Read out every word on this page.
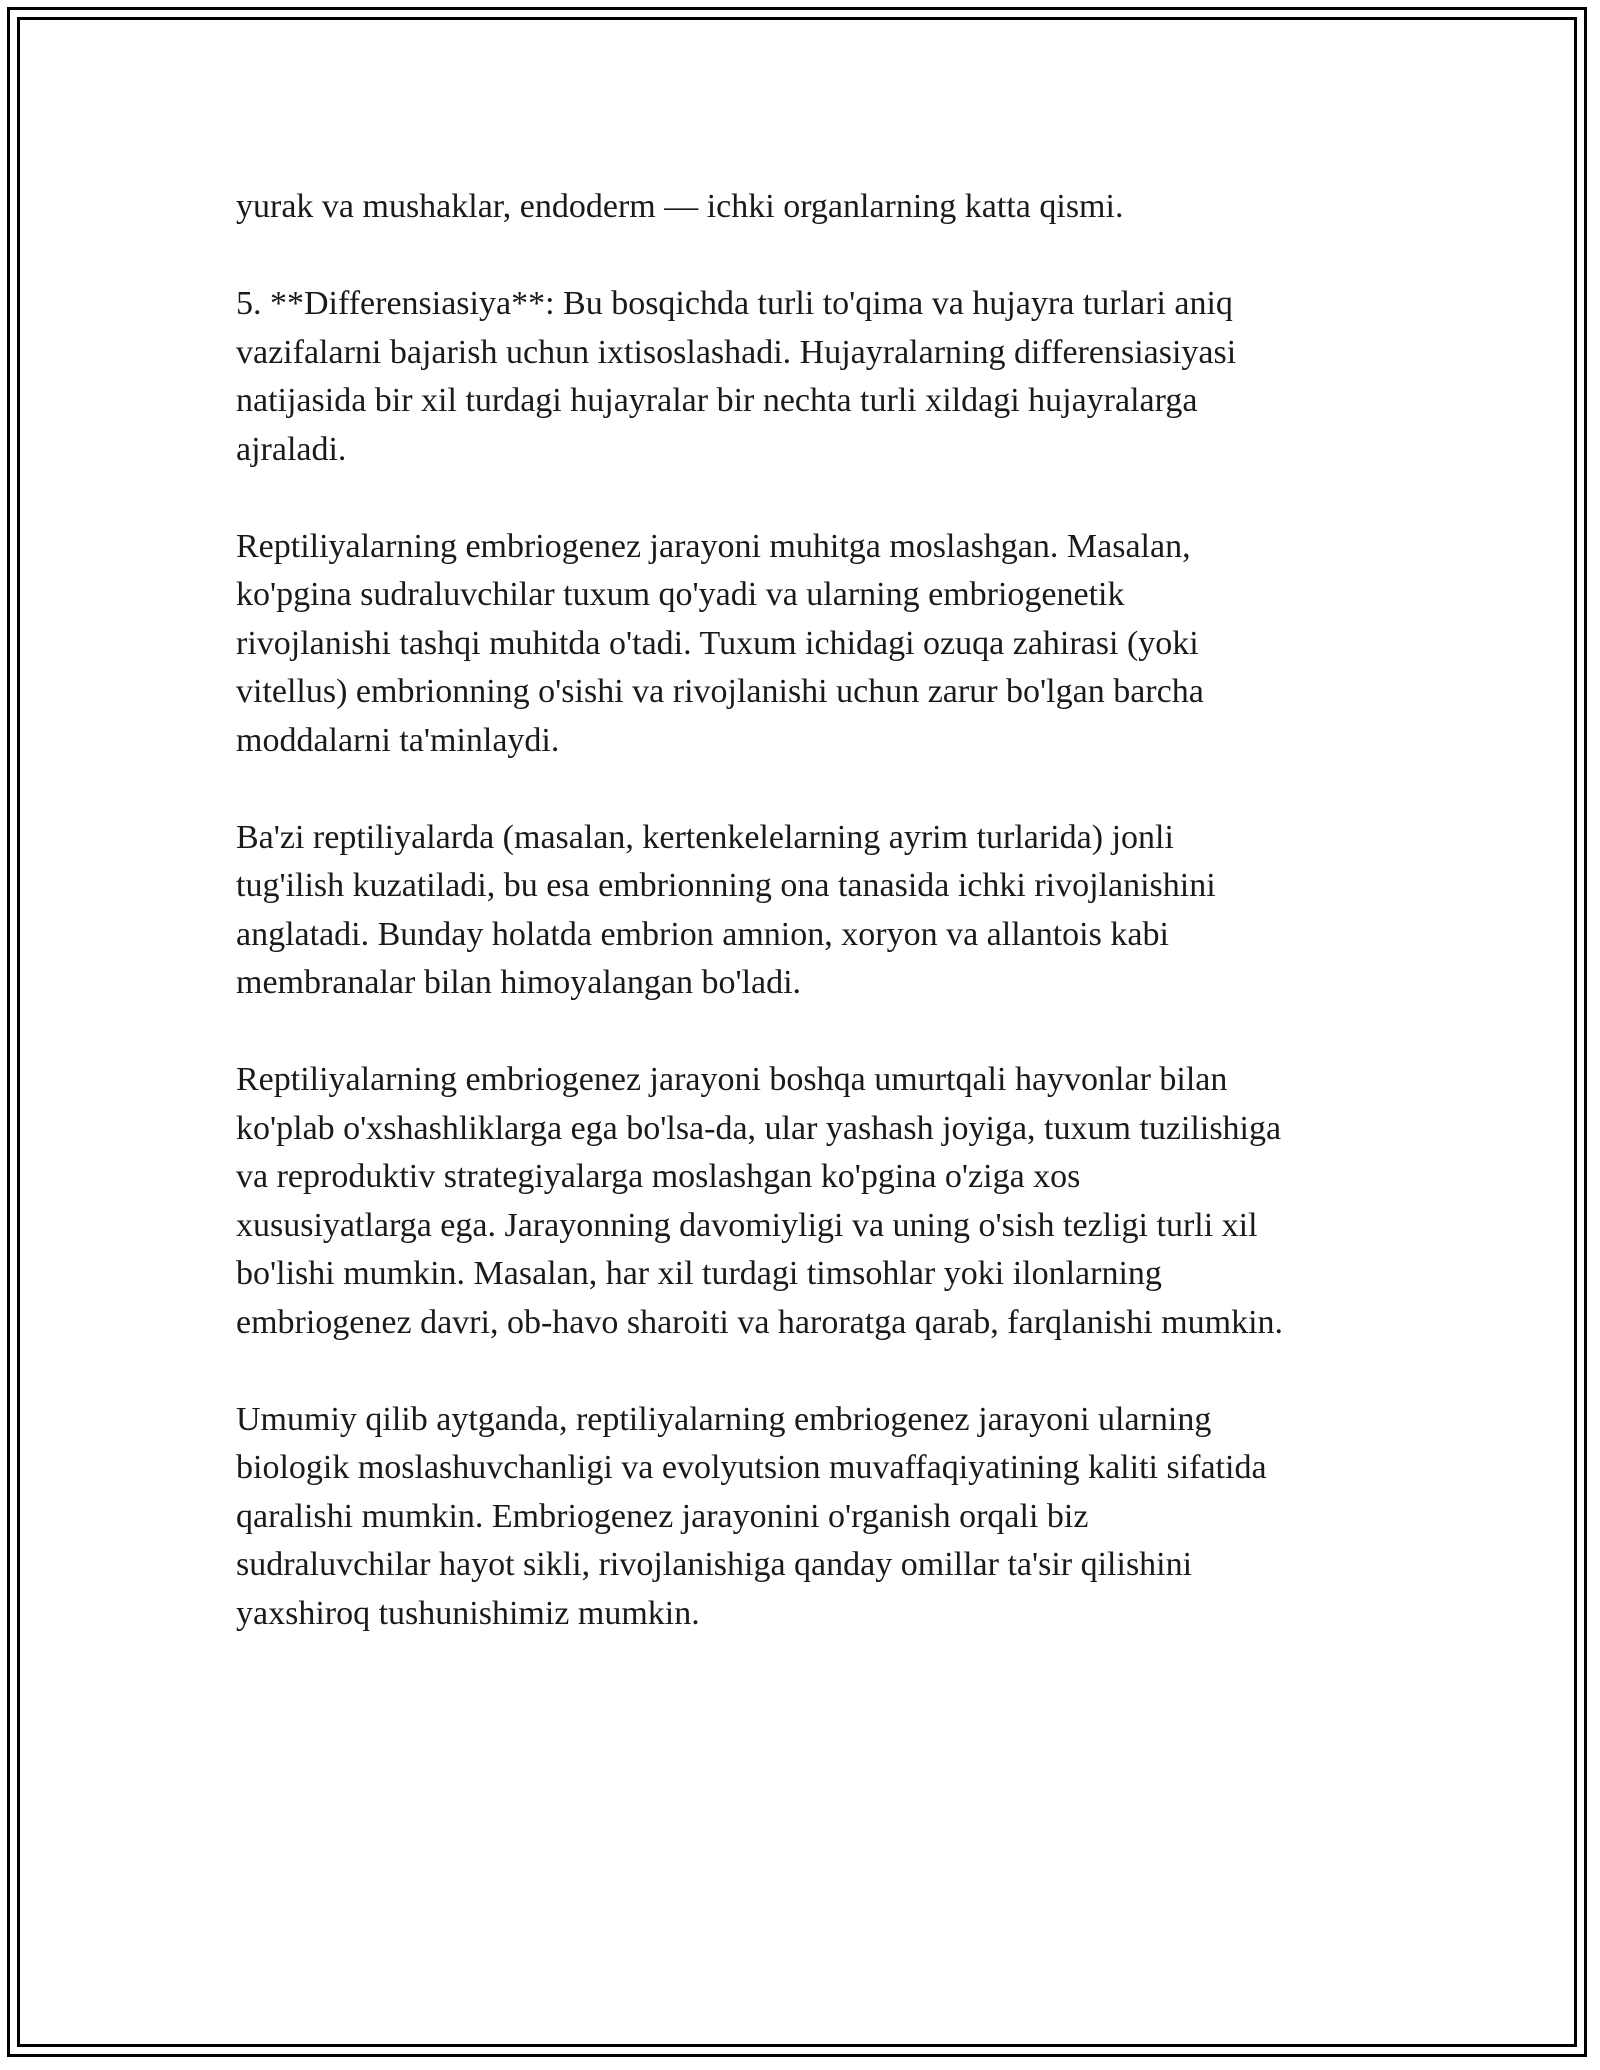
yurak va mushaklar, endoderm — ichki organlarning katta qismi.
5. **Differensiasiya**: Bu bosqichda turli to'qima va hujayra turlari aniq
vazifalarni bajarish uchun ixtisoslashadi. Hujayralarning differensiasiyasi
natijasida bir xil turdagi hujayralar bir nechta turli xildagi hujayralarga
ajraladi.
Reptiliyalarning embriogenez jarayoni muhitga moslashgan. Masalan,
ko'pgina sudraluvchilar tuxum qo'yadi va ularning embriogenetik
rivojlanishi tashqi muhitda o'tadi. Tuxum ichidagi ozuqa zahirasi (yoki
vitellus) embrionning o'sishi va rivojlanishi uchun zarur bo'lgan barcha
moddalarni ta'minlaydi.
Ba'zi reptiliyalarda (masalan, kertenkelelarning ayrim turlarida) jonli
tug'ilish kuzatiladi, bu esa embrionning ona tanasida ichki rivojlanishini
anglatadi. Bunday holatda embrion amnion, xoryon va allantois kabi
membranalar bilan himoyalangan bo'ladi.
Reptiliyalarning embriogenez jarayoni boshqa umurtqali hayvonlar bilan
ko'plab o'xshashliklarga ega bo'lsa-da, ular yashash joyiga, tuxum tuzilishiga
va reproduktiv strategiyalarga moslashgan ko'pgina o'ziga xos
xususiyatlarga ega. Jarayonning davomiyligi va uning o'sish tezligi turli xil
bo'lishi mumkin. Masalan, har xil turdagi timsohlar yoki ilonlarning
embriogenez davri, ob-havo sharoiti va haroratga qarab, farqlanishi mumkin.
Umumiy qilib aytganda, reptiliyalarning embriogenez jarayoni ularning
biologik moslashuvchanligi va evolyutsion muvaffaqiyatining kaliti sifatida
qaralishi mumkin. Embriogenez jarayonini o'rganish orqali biz
sudraluvchilar hayot sikli, rivojlanishiga qanday omillar ta'sir qilishini
yaxshiroq tushunishimiz mumkin.
